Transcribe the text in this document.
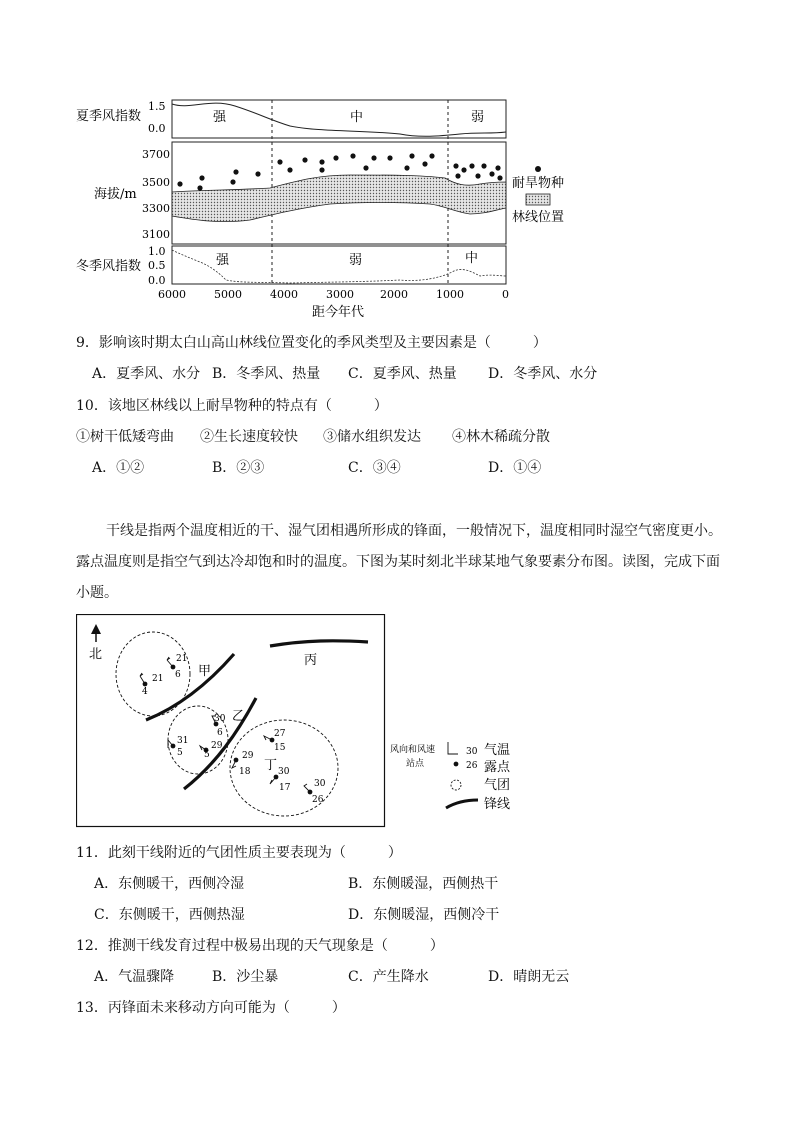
夏季风指数
1.5
0.0
强	中	弱
海拔/m
3700
3500
3300
3100
冬季风指数
1.0
0.5
0.0
强	弱	中
6000	5000	4000	3000 2000	1000	0
距今年代
耐旱物种
林线位置
9．影响该时期太白山高山林线位置变化的季风类型及主要因素是（　　　）
A．夏季风、水分 B．冬季风、热量 C．夏季风、热量 D．冬季风、水分
10．该地区林线以上耐旱物种的特点有（　　　）
①树干低矮弯曲 ②生长速度较快 ③储水组织发达 ④林木稀疏分散
A．①②	B．②③	C．③④	D．①④
干线是指两个温度相近的干、湿气团相遇所形成的锋面，一般情况下，温度相同时湿空气密度更小。
露点温度则是指空气到达冷却饱和时的温度。下图为某时刻北半球某地气象要素分布图。读图，完成下面
小题。
北
甲
乙
丙
丁
21
6
21
4
30
6
31
5
29
5
27
15
29
18	30
17	30
26
风向和风速
站点
30
26
气温
露点
气团
锋线
11．此刻干线附近的气团性质主要表现为（　　　）
A．东侧暖干，西侧冷湿	B．东侧暖湿，西侧热干
C．东侧暖干，西侧热湿	D．东侧暖湿，西侧冷干
12．推测干线发育过程中极易出现的天气现象是（　　　）
A．气温骤降	B．沙尘暴	C．产生降水	D．晴朗无云
13．丙锋面未来移动方向可能为（　　　）
